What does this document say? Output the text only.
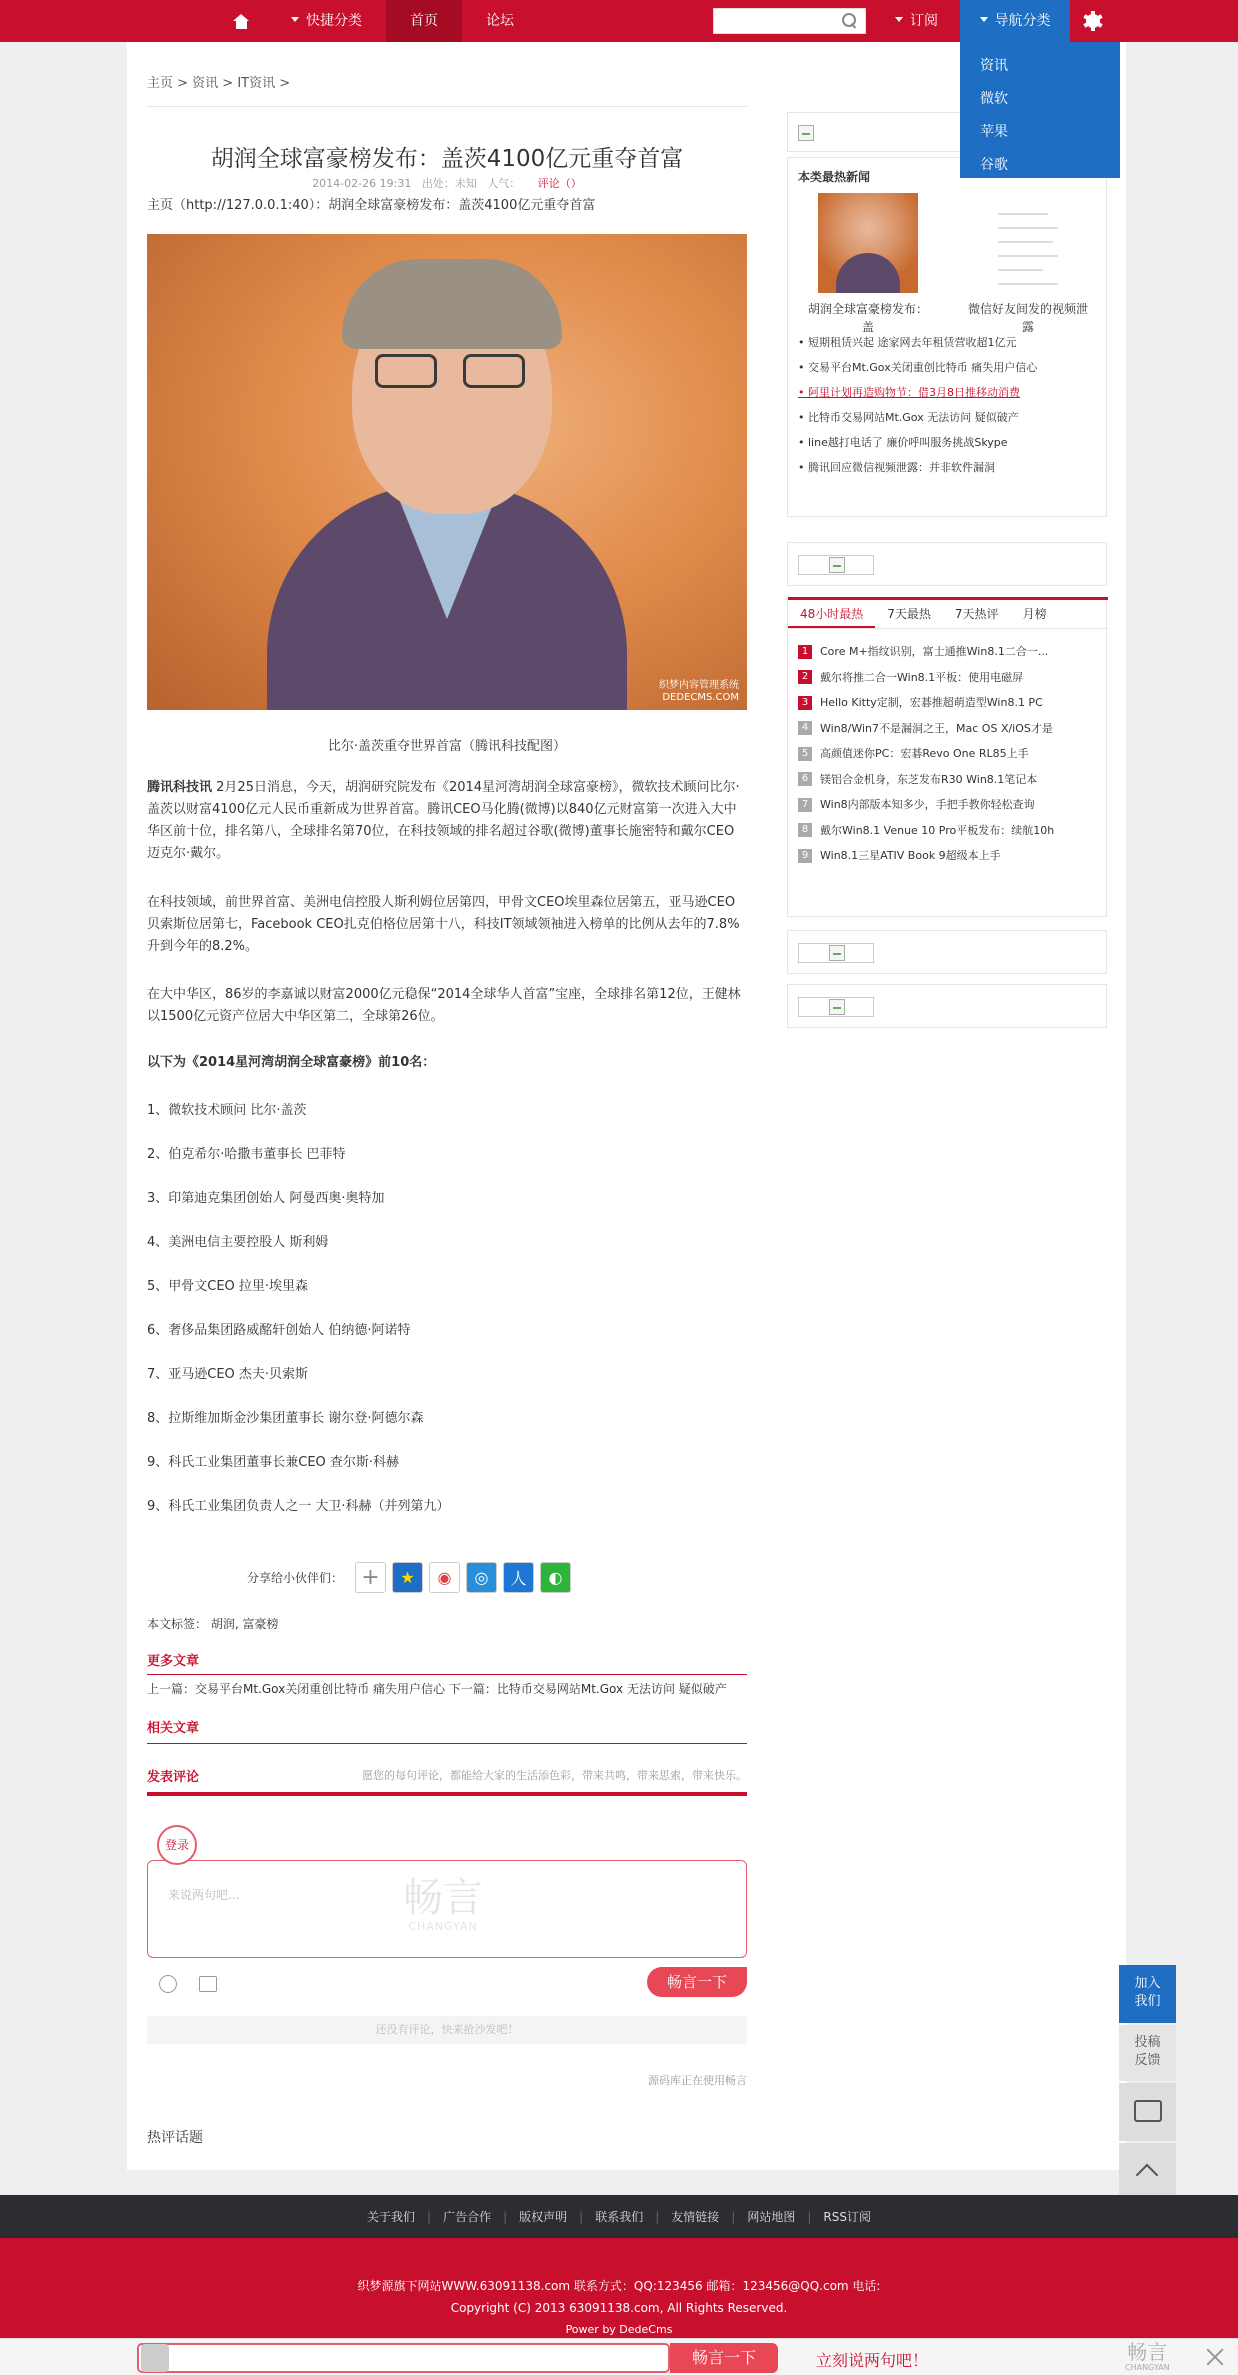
快捷分类	首页	论坛	订阅	导航分类
资讯
微软
苹果
谷歌
主页 > 资讯 > IT资讯 >
胡润全球富豪榜发布：盖茨4100亿元重夺首富
2014-02-26 19:31 出处：未知 人气： 评论（）
主页（http://127.0.0.1:40）：胡润全球富豪榜发布：盖茨4100亿元重夺首富
织梦内容管理系统
DEDECMS.COM
比尔·盖茨重夺世界首富（腾讯科技配图）

腾讯科技讯 2月25日消息，今天，胡润研究院发布《2014星河湾胡润全球富豪榜》，微软技术顾问比尔·盖茨以财富4100亿元人民币重新成为世界首富。腾讯CEO马化腾(微博)以840亿元财富第一次进入大中华区前十位，排名第八，全球排名第70位，在科技领域的排名超过谷歌(微博)董事长施密特和戴尔CEO迈克尔·戴尔。

在科技领域，前世界首富、美洲电信控股人斯利姆位居第四，甲骨文CEO埃里森位居第五，亚马逊CEO贝索斯位居第七，Facebook CEO扎克伯格位居第十八，科技IT领域领袖进入榜单的比例从去年的7.8%升到今年的8.2%。

在大中华区，86岁的李嘉诚以财富2000亿元稳保“2014全球华人首富”宝座，全球排名第12位，王健林以1500亿元资产位居大中华区第二，全球第26位。

以下为《2014星河湾胡润全球富豪榜》前10名：

1、微软技术顾问 比尔·盖茨
2、伯克希尔·哈撒韦董事长 巴菲特
3、印第迪克集团创始人 阿曼西奥·奥特加
4、美洲电信主要控股人 斯利姆
5、甲骨文CEO 拉里·埃里森
6、奢侈品集团路威酩轩创始人 伯纳德·阿诺特
7、亚马逊CEO 杰夫·贝索斯
8、拉斯维加斯金沙集团董事长 谢尔登·阿德尔森
9、科氏工业集团董事长兼CEO 查尔斯·科赫
9、科氏工业集团负责人之一 大卫·科赫（并列第九）
分享给小伙伴们： +	★	◉	◎	人	◐
本文标签： 胡润, 富豪榜
更多文章
上一篇：交易平台Mt.Gox关闭重创比特币 痛失用户信心 下一篇：比特币交易网站Mt.Gox 无法访问 疑似破产
相关文章
发表评论	愿您的每句评论，都能给大家的生活添色彩，带来共鸣，带来思索，带来快乐。
登录
来说两句吧...	畅言
CHANGYAN
畅言一下
还没有评论，快来抢沙发吧！
源码库正在使用畅言
热评话题
本类最热新闻
胡润全球富豪榜发布：盖
微信好友间发的视频泄露
• 短期租赁兴起 途家网去年租赁营收超1亿元
• 交易平台Mt.Gox关闭重创比特币 痛失用户信心
• 阿里计划再造购物节：借3月8日推移动消费
• 比特币交易网站Mt.Gox 无法访问 疑似破产
• line越打电话了 廉价呼叫服务挑战Skype
• 腾讯回应微信视频泄露：并非软件漏洞
48小时最热	7天最热	7天热评	月榜
1	Core M+指纹识别，富士通推Win8.1二合一...
2	戴尔将推二合一Win8.1平板：使用电磁屏
3	Hello Kitty定制，宏碁推超萌造型Win8.1 PC
4	Win8/Win7不是漏洞之王，Mac OS X/iOS才是
5	高颜值迷你PC：宏碁Revo One RL85上手
6	镁铝合金机身，东芝发布R30 Win8.1笔记本
7	Win8内部版本知多少，手把手教你轻松查询
8	戴尔Win8.1 Venue 10 Pro平板发布：续航10h
9	Win8.1三星ATIV Book 9超级本上手
加入
我们
投稿
反馈
关于我们	|	广告合作	|	版权声明	|	联系我们	|	友情链接	|	网站地图	|	RSS订阅
织梦源旗下网站WWW.63091138.com 联系方式：QQ:123456 邮箱：123456@QQ.com 电话:
Copyright (C) 2013 63091138.com, All Rights Reserved.
Power by DedeCms
畅言一下	立刻说两句吧！	畅言
CHANGYAN
